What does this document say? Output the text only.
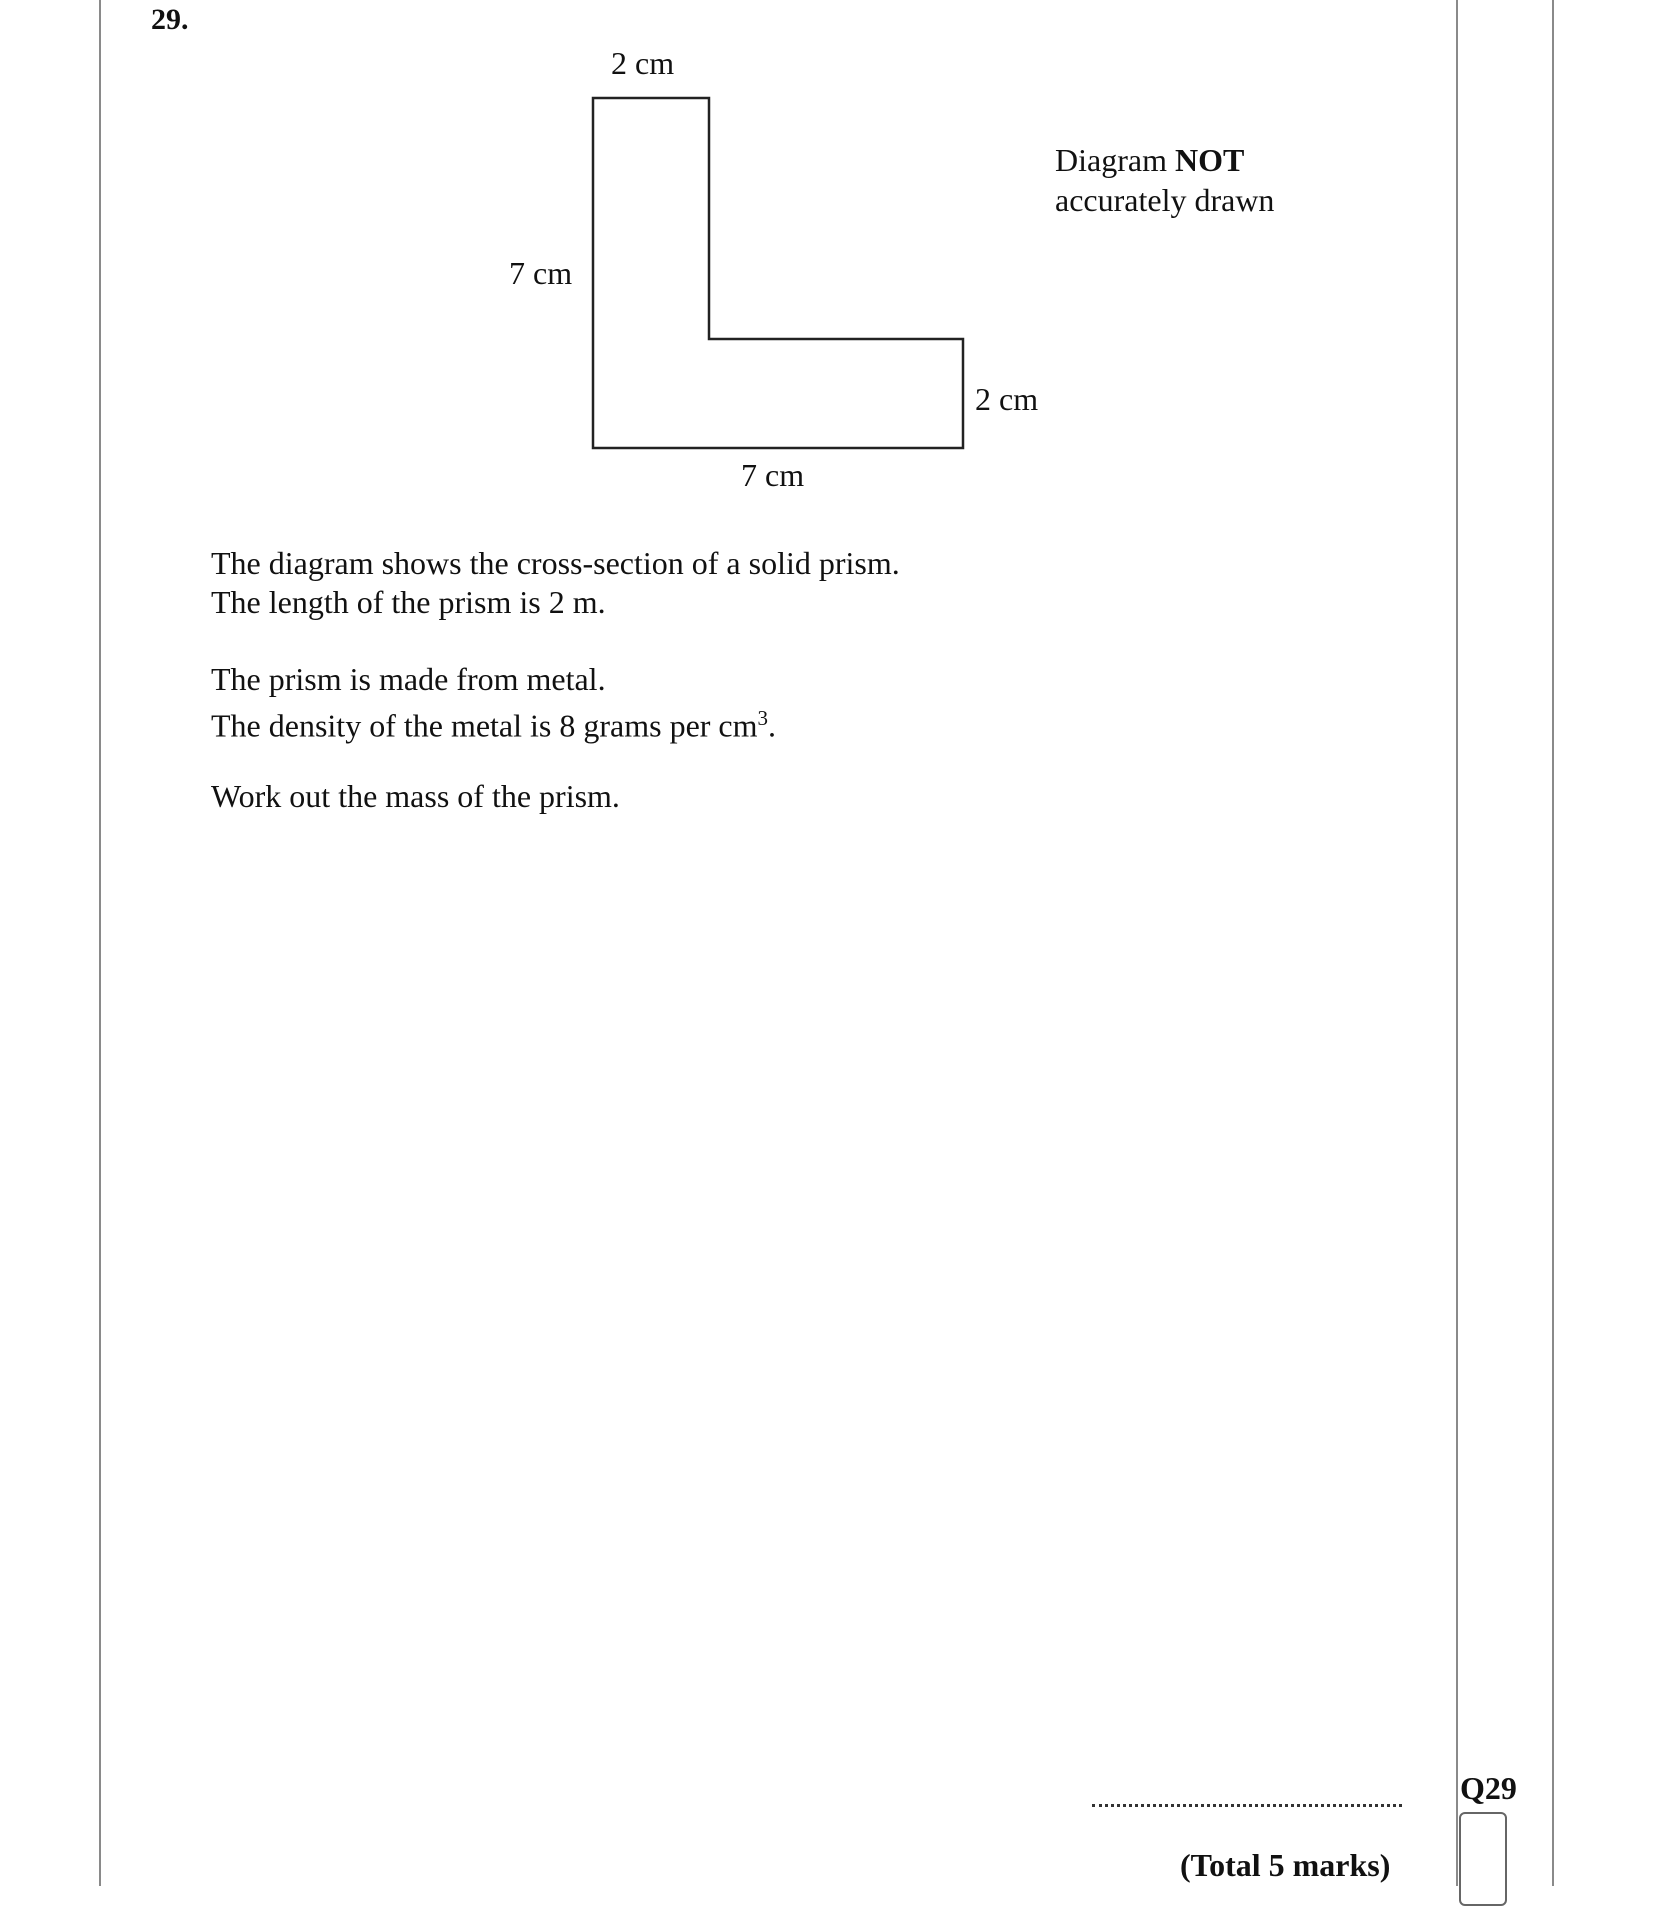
29.
2 cm
7 cm
2 cm
7 cm
Diagram NOT
accurately drawn
The diagram shows the cross-section of a solid prism.
The length of the prism is 2 m.
The prism is made from metal.
The density of the metal is 8 grams per $cm^3$.
Work out the mass of the prism.
(Total 5 marks)
Q29
